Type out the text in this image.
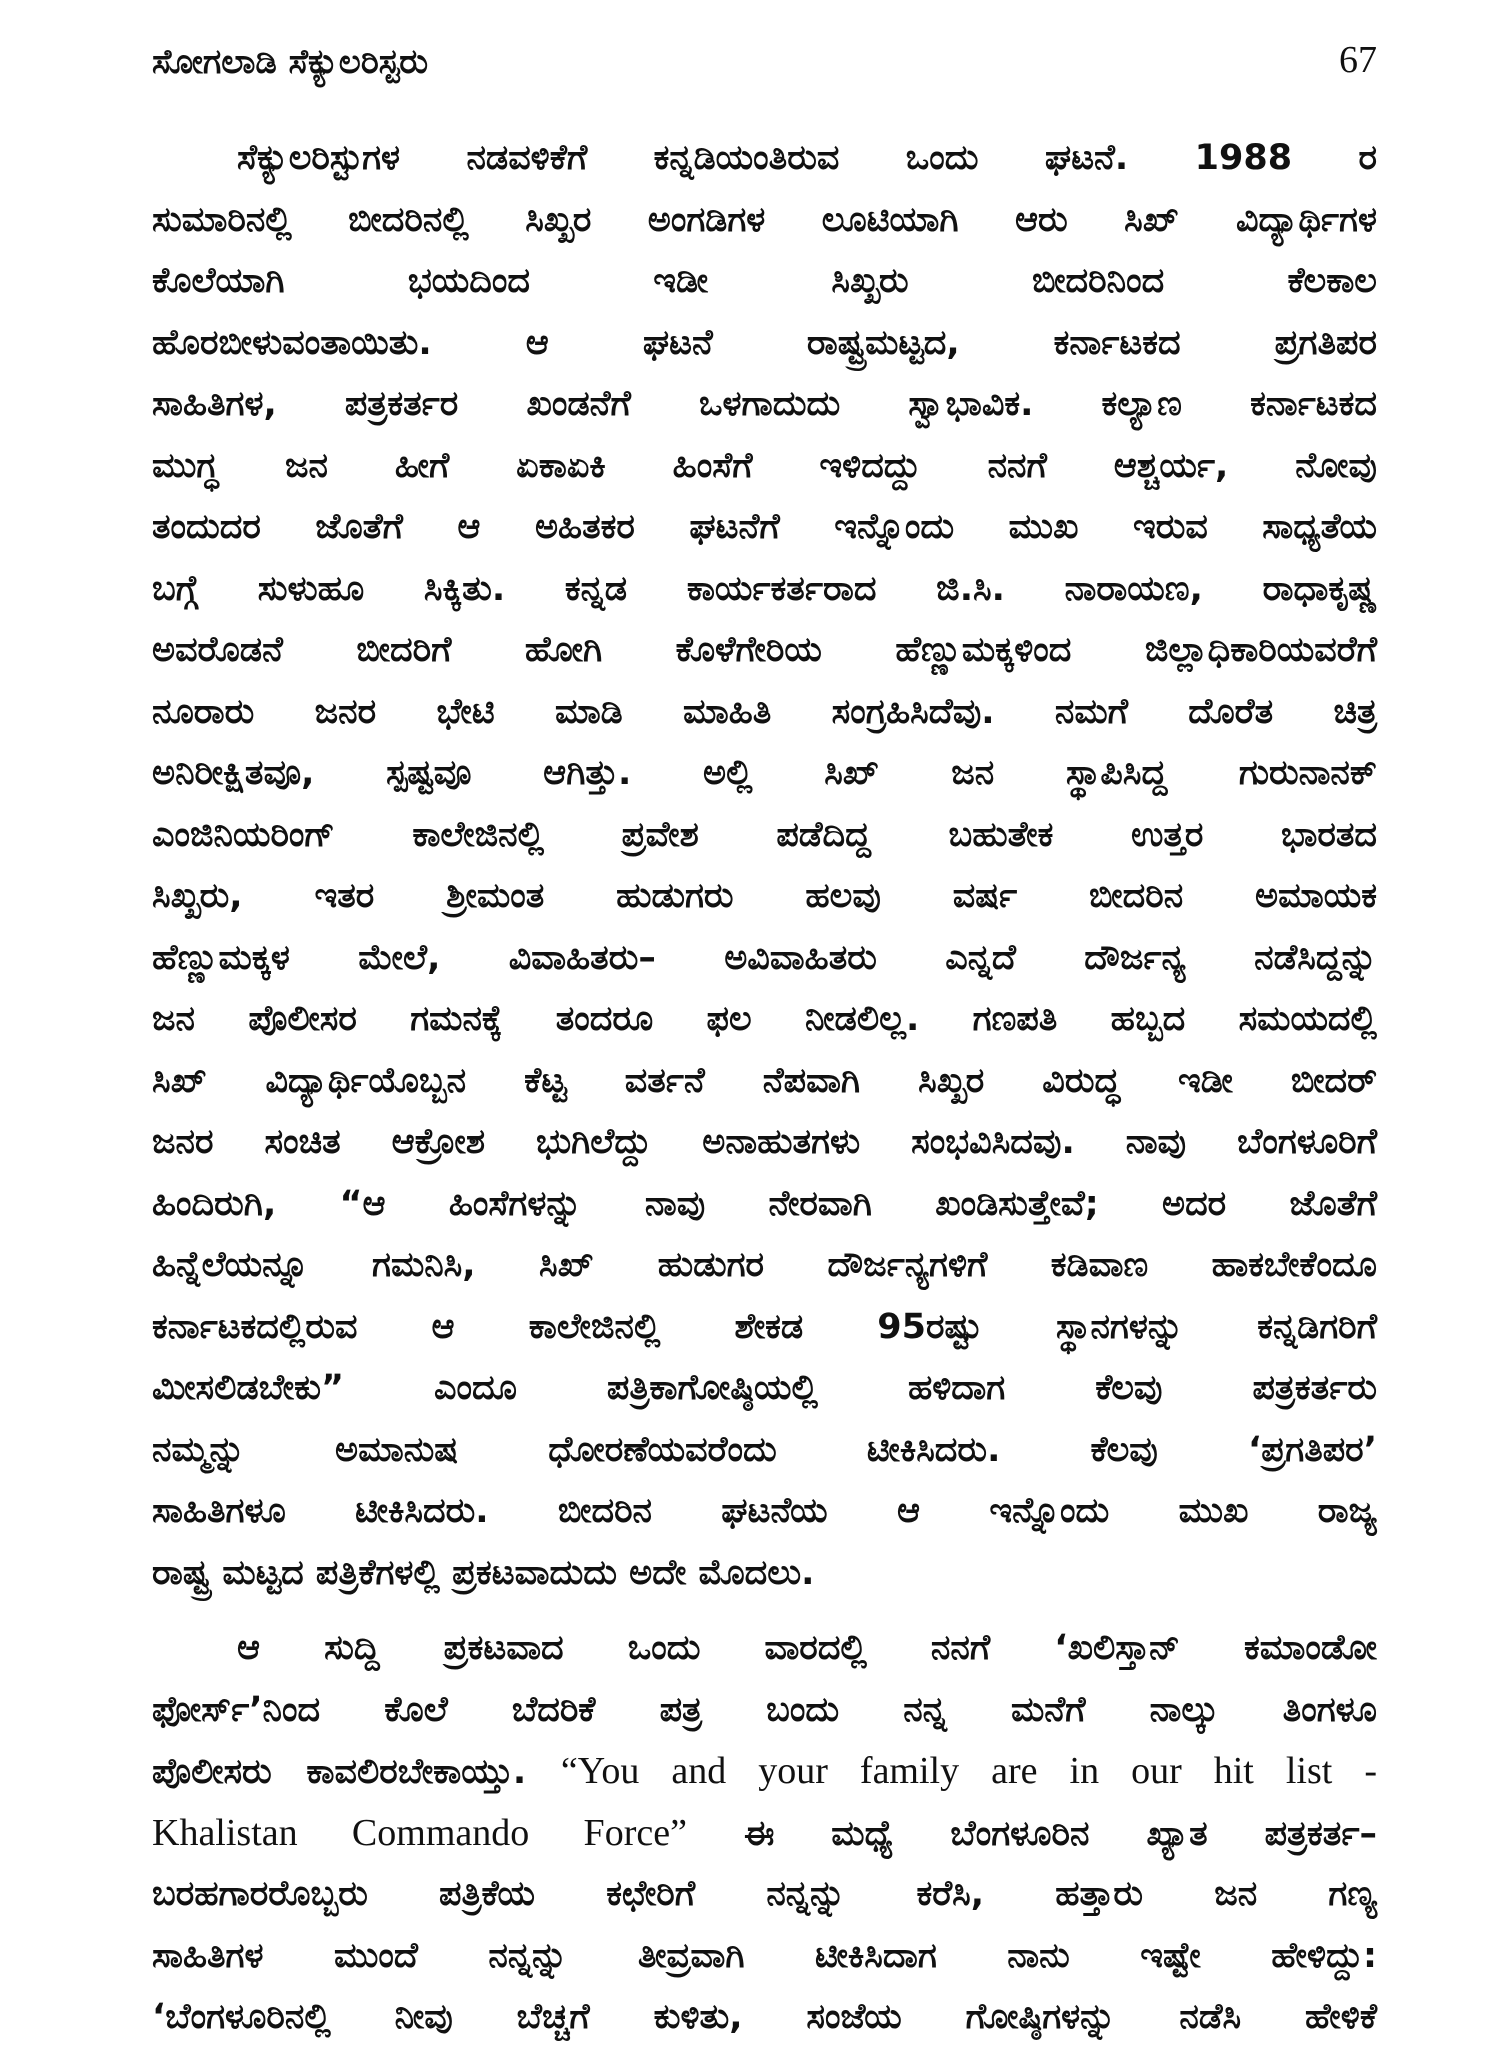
ಸೋಗಲಾಡಿ ಸೆಕ್ಯುಲರಿಸ್ಟರು	67
ಸೆಕ್ಯುಲರಿಸ್ಟುಗಳ ನಡವಳಿಕೆಗೆ ಕನ್ನಡಿಯಂತಿರುವ ಒಂದು ಘಟನೆ. 1988 ರ
ಸುಮಾರಿನಲ್ಲಿ ಬೀದರಿನಲ್ಲಿ ಸಿಖ್ಖರ ಅಂಗಡಿಗಳ ಲೂಟಿಯಾಗಿ ಆರು ಸಿಖ್ ವಿದ್ಯಾರ್ಥಿಗಳ
ಕೊಲೆಯಾಗಿ ಭಯದಿಂದ ಇಡೀ ಸಿಖ್ಖರು ಬೀದರಿನಿಂದ ಕೆಲಕಾಲ
ಹೊರಬೀಳುವಂತಾಯಿತು. ಆ ಘಟನೆ ರಾಷ್ಟ್ರಮಟ್ಟದ, ಕರ್ನಾಟಕದ ಪ್ರಗತಿಪರ
ಸಾಹಿತಿಗಳ, ಪತ್ರಕರ್ತರ ಖಂಡನೆಗೆ ಒಳಗಾದುದು ಸ್ವಾಭಾವಿಕ. ಕಲ್ಯಾಣ ಕರ್ನಾಟಕದ
ಮುಗ್ಧ ಜನ ಹೀಗೆ ಏಕಾಏಕಿ ಹಿಂಸೆಗೆ ಇಳಿದದ್ದು ನನಗೆ ಆಶ್ಚರ್ಯ, ನೋವು
ತಂದುದರ ಜೊತೆಗೆ ಆ ಅಹಿತಕರ ಘಟನೆಗೆ ಇನ್ನೊಂದು ಮುಖ ಇರುವ ಸಾಧ್ಯತೆಯ
ಬಗ್ಗೆ ಸುಳುಹೂ ಸಿಕ್ಕಿತು. ಕನ್ನಡ ಕಾರ್ಯಕರ್ತರಾದ ಜಿ.ಸಿ. ನಾರಾಯಣ, ರಾಧಾಕೃಷ್ಣ
ಅವರೊಡನೆ ಬೀದರಿಗೆ ಹೋಗಿ ಕೊಳೆಗೇರಿಯ ಹೆಣ್ಣುಮಕ್ಕಳಿಂದ ಜಿಲ್ಲಾಧಿಕಾರಿಯವರೆಗೆ
ನೂರಾರು ಜನರ ಭೇಟಿ ಮಾಡಿ ಮಾಹಿತಿ ಸಂಗ್ರಹಿಸಿದೆವು. ನಮಗೆ ದೊರೆತ ಚಿತ್ರ
ಅನಿರೀಕ್ಷಿತವೂ, ಸ್ಪಷ್ಟವೂ ಆಗಿತ್ತು. ಅಲ್ಲಿ ಸಿಖ್ ಜನ ಸ್ಥಾಪಿಸಿದ್ದ ಗುರುನಾನಕ್
ಎಂಜಿನಿಯರಿಂಗ್ ಕಾಲೇಜಿನಲ್ಲಿ ಪ್ರವೇಶ ಪಡೆದಿದ್ದ ಬಹುತೇಕ ಉತ್ತರ ಭಾರತದ
ಸಿಖ್ಖರು, ಇತರ ಶ್ರೀಮಂತ ಹುಡುಗರು ಹಲವು ವರ್ಷ ಬೀದರಿನ ಅಮಾಯಕ
ಹೆಣ್ಣುಮಕ್ಕಳ ಮೇಲೆ, ವಿವಾಹಿತರು– ಅವಿವಾಹಿತರು ಎನ್ನದೆ ದೌರ್ಜನ್ಯ ನಡೆಸಿದ್ದನ್ನು
ಜನ ಪೊಲೀಸರ ಗಮನಕ್ಕೆ ತಂದರೂ ಫಲ ನೀಡಲಿಲ್ಲ. ಗಣಪತಿ ಹಬ್ಬದ ಸಮಯದಲ್ಲಿ
ಸಿಖ್ ವಿದ್ಯಾರ್ಥಿಯೊಬ್ಬನ ಕೆಟ್ಟ ವರ್ತನೆ ನೆಪವಾಗಿ ಸಿಖ್ಖರ ವಿರುದ್ಧ ಇಡೀ ಬೀದರ್
ಜನರ ಸಂಚಿತ ಆಕ್ರೋಶ ಭುಗಿಲೆದ್ದು ಅನಾಹುತಗಳು ಸಂಭವಿಸಿದವು. ನಾವು ಬೆಂಗಳೂರಿಗೆ
ಹಿಂದಿರುಗಿ, “ಆ ಹಿಂಸೆಗಳನ್ನು ನಾವು ನೇರವಾಗಿ ಖಂಡಿಸುತ್ತೇವೆ; ಅದರ ಜೊತೆಗೆ
ಹಿನ್ನೆಲೆಯನ್ನೂ ಗಮನಿಸಿ, ಸಿಖ್ ಹುಡುಗರ ದೌರ್ಜನ್ಯಗಳಿಗೆ ಕಡಿವಾಣ ಹಾಕಬೇಕೆಂದೂ
ಕರ್ನಾಟಕದಲ್ಲಿರುವ ಆ ಕಾಲೇಜಿನಲ್ಲಿ ಶೇಕಡ 95ರಷ್ಟು ಸ್ಥಾನಗಳನ್ನು ಕನ್ನಡಿಗರಿಗೆ
ಮೀಸಲಿಡಬೇಕು” ಎಂದೂ ಪತ್ರಿಕಾಗೋಷ್ಠಿಯಲ್ಲಿ ಹಳಿದಾಗ ಕೆಲವು ಪತ್ರಕರ್ತರು
ನಮ್ಮನ್ನು ಅಮಾನುಷ ಧೋರಣೆಯವರೆಂದು ಟೀಕಿಸಿದರು. ಕೆಲವು ‘ಪ್ರಗತಿಪರ’
ಸಾಹಿತಿಗಳೂ ಟೀಕಿಸಿದರು. ಬೀದರಿನ ಘಟನೆಯ ಆ ಇನ್ನೊಂದು ಮುಖ ರಾಜ್ಯ
ರಾಷ್ಟ್ರ ಮಟ್ಟದ ಪತ್ರಿಕೆಗಳಲ್ಲಿ ಪ್ರಕಟವಾದುದು ಅದೇ ಮೊದಲು.
ಆ ಸುದ್ದಿ ಪ್ರಕಟವಾದ ಒಂದು ವಾರದಲ್ಲಿ ನನಗೆ ‘ಖಲಿಸ್ತಾನ್ ಕಮಾಂಡೋ
ಫೋರ್ಸ್’ನಿಂದ ಕೊಲೆ ಬೆದರಿಕೆ ಪತ್ರ ಬಂದು ನನ್ನ ಮನೆಗೆ ನಾಲ್ಕು ತಿಂಗಳೂ
ಪೊಲೀಸರು ಕಾವಲಿರಬೇಕಾಯ್ತು. “You and your family are in our hit list -
Khalistan Commando Force” ಈ ಮಧ್ಯೆ ಬೆಂಗಳೂರಿನ ಖ್ಯಾತ ಪತ್ರಕರ್ತ–
ಬರಹಗಾರರೊಬ್ಬರು ಪತ್ರಿಕೆಯ ಕಛೇರಿಗೆ ನನ್ನನ್ನು ಕರೆಸಿ, ಹತ್ತಾರು ಜನ ಗಣ್ಯ
ಸಾಹಿತಿಗಳ ಮುಂದೆ ನನ್ನನ್ನು ತೀವ್ರವಾಗಿ ಟೀಕಿಸಿದಾಗ ನಾನು ಇಷ್ಟೇ ಹೇಳಿದ್ದು:
‘ಬೆಂಗಳೂರಿನಲ್ಲಿ ನೀವು ಬೆಚ್ಚಗೆ ಕುಳಿತು, ಸಂಜೆಯ ಗೋಷ್ಠಿಗಳನ್ನು ನಡೆಸಿ ಹೇಳಿಕೆ
